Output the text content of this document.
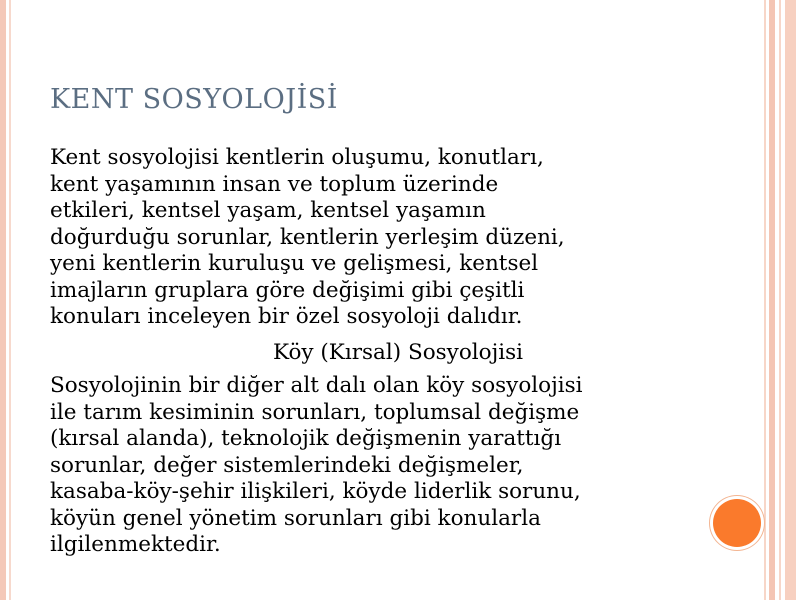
KENT SOSYOLOJİSİ
Kent sosyolojisi kentlerin oluşumu, konutları,
kent yaşamının insan ve toplum üzerinde
etkileri, kentsel yaşam, kentsel yaşamın
doğurduğu sorunlar, kentlerin yerleşim düzeni,
yeni kentlerin kuruluşu ve gelişmesi, kentsel
imajların gruplara göre değişimi gibi çeşitli
konuları inceleyen bir özel sosyoloji dalıdır.
Köy (Kırsal) Sosyolojisi
Sosyolojinin bir diğer alt dalı olan köy sosyolojisi
ile tarım kesiminin sorunları, toplumsal değişme
(kırsal alanda), teknolojik değişmenin yarattığı
sorunlar, değer sistemlerindeki değişmeler,
kasaba-köy-şehir ilişkileri, köyde liderlik sorunu,
köyün genel yönetim sorunları gibi konularla
ilgilenmektedir.
